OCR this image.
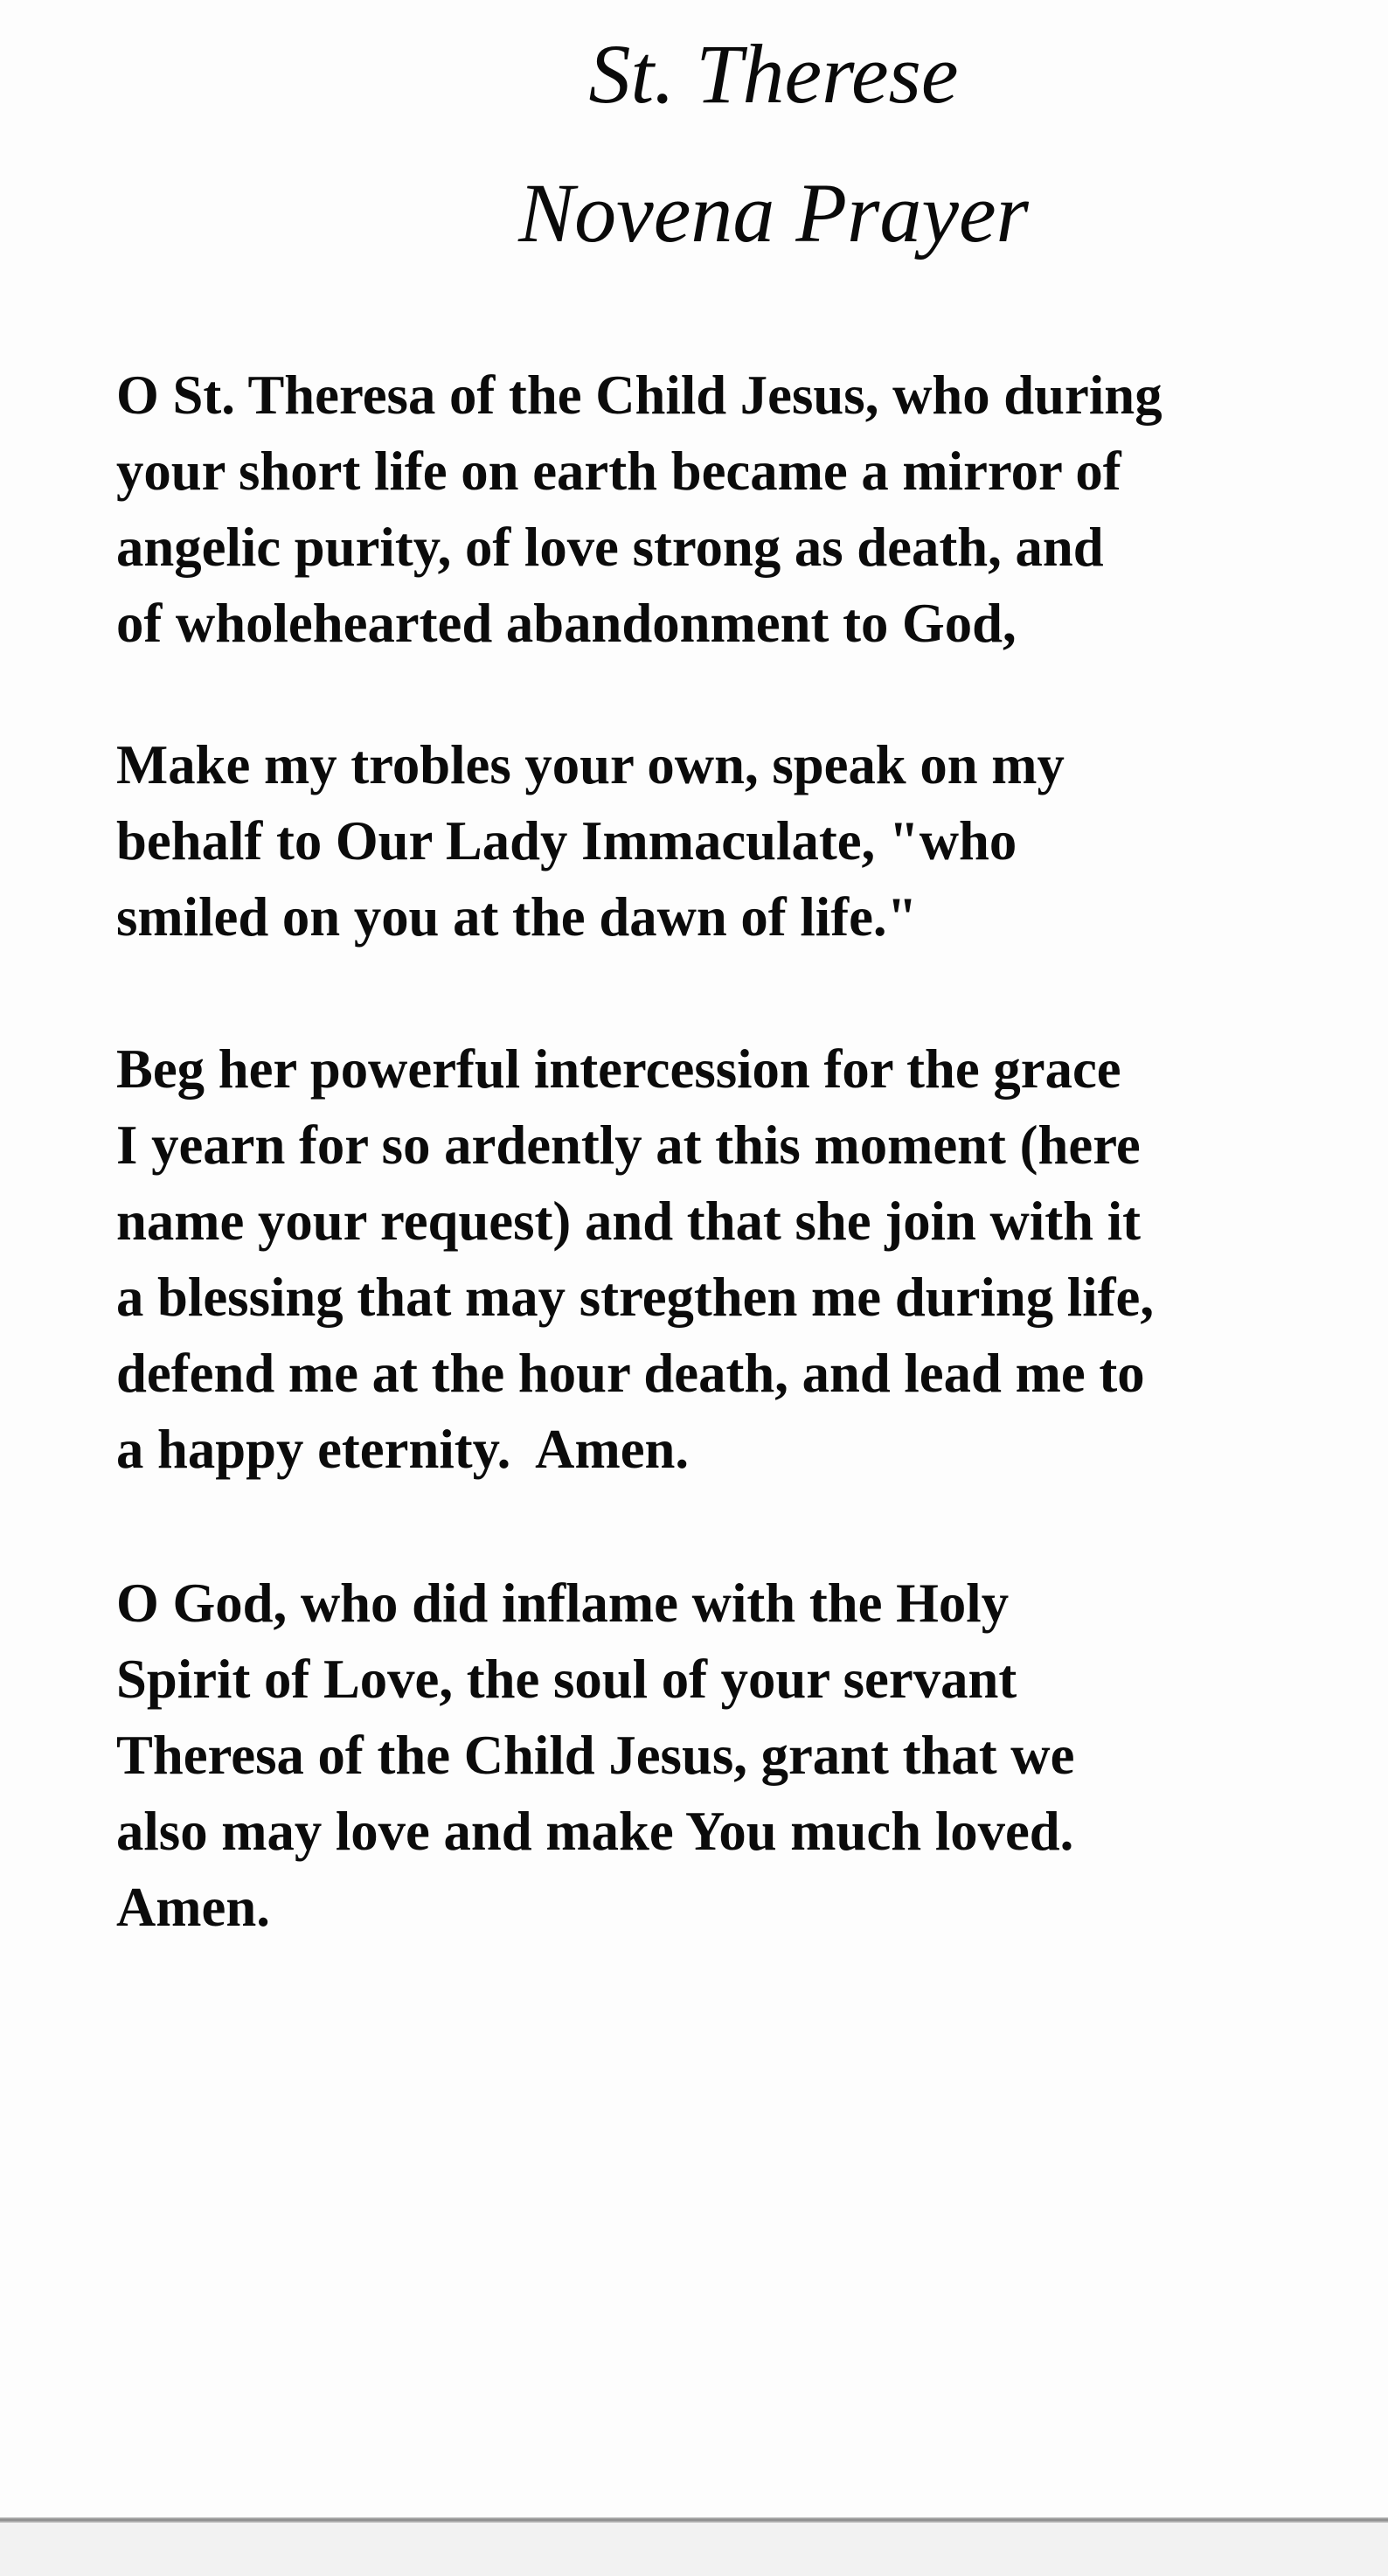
St. Therese
Novena Prayer
O St. Theresa of the Child Jesus, who during
your short life on earth became a mirror of
angelic purity, of love strong as death, and
of wholehearted abandonment to God,
Make my trobles your own, speak on my
behalf to Our Lady Immaculate, "who
smiled on you at the dawn of life."
Beg her powerful intercession for the grace
I yearn for so ardently at this moment (here
name your request) and that she join with it
a blessing that may stregthen me during life,
defend me at the hour death, and lead me to
a happy eternity.  Amen.
O God, who did inflame with the Holy
Spirit of Love, the soul of your servant
Theresa of the Child Jesus, grant that we
also may love and make You much loved.
Amen.
